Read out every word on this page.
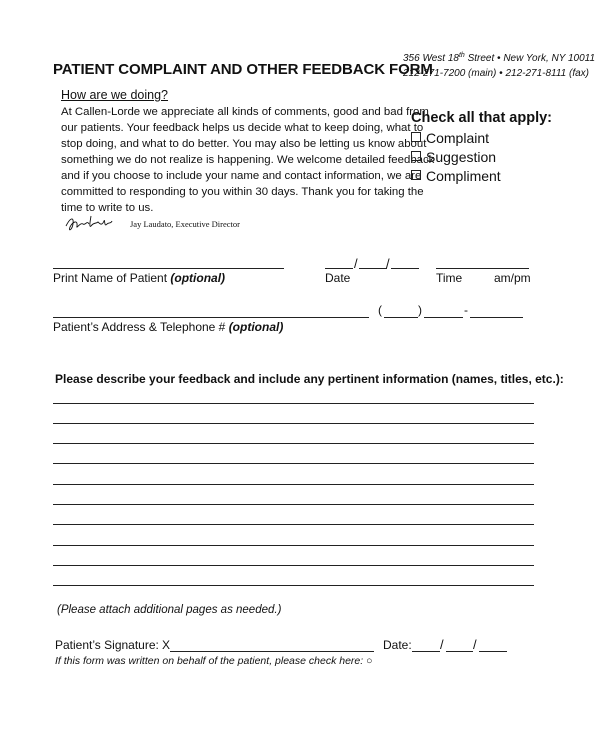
PATIENT COMPLAINT AND OTHER FEEDBACK FORM
356 West 18th Street • New York, NY 10011
212-271-7200 (main) • 212-271-8111 (fax)
How are we doing?

At Callen-Lorde we appreciate all kinds of comments, good and bad from

our patients. Your feedback helps us decide what to keep doing, what to

stop doing, and what to do better. You may also be letting us know about

something we do not realize is happening. We welcome detailed feedback

and if you choose to include your name and contact information, we are

committed to responding to you within 30 days. Thank you for taking the

time to write to us.

Jay Laudato, Executive Director
Check all that apply:
Complaint
Suggestion
Compliment
/ /
Print Name of Patient (optional)	Date	Time	am/pm
(	)	-
Patient’s Address & Telephone # (optional)
Please describe your feedback and include any pertinent information (names, titles, etc.):
(Please attach additional pages as needed.)
Patient’s Signature: X	Date: / /
If this form was written on behalf of the patient, please check here: ○
